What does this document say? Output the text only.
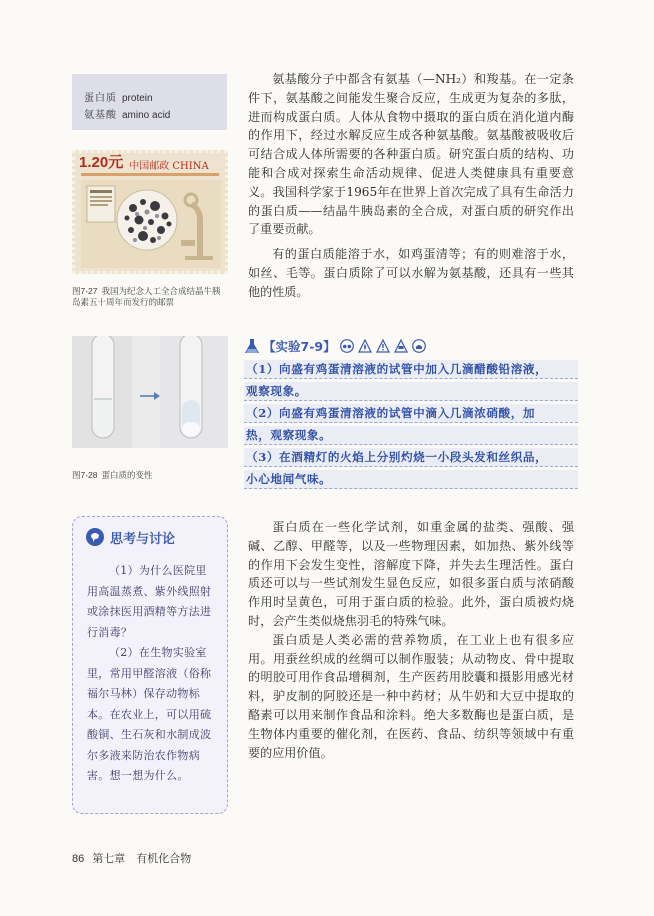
蛋白质 protein
氨基酸 amino acid
1.20元 中国邮政 CHINA
图7-27 我国为纪念人工全合成结晶牛胰岛素五十周年而发行的邮票
图7-28 蛋白质的变性

氨基酸分子中都含有氨基（—NH₂）和羧基。在一定条件下，氨基酸之间能发生聚合反应，生成更为复杂的多肽，进而构成蛋白质。人体从食物中摄取的蛋白质在消化道内酶的作用下，经过水解反应生成各种氨基酸。氨基酸被吸收后可结合成人体所需要的各种蛋白质。研究蛋白质的结构、功能和合成对探索生命活动规律、促进人类健康具有重要意义。我国科学家于1965年在世界上首次完成了具有生命活力的蛋白质——结晶牛胰岛素的全合成，对蛋白质的研究作出了重要贡献。

有的蛋白质能溶于水，如鸡蛋清等；有的则难溶于水，如丝、毛等。蛋白质除了可以水解为氨基酸，还具有一些其他的性质。

【实验7-9】
（1）向盛有鸡蛋清溶液的试管中加入几滴醋酸铅溶液，
观察现象。
（2）向盛有鸡蛋清溶液的试管中滴入几滴浓硝酸，加
热，观察现象。
（3）在酒精灯的火焰上分别灼烧一小段头发和丝织品，
小心地闻气味。
思考与讨论

（1）为什么医院里用高温蒸煮、紫外线照射或涂抹医用酒精等方法进行消毒？

（2）在生物实验室里，常用甲醛溶液（俗称福尔马林）保存动物标本。在农业上，可以用硫酸铜、生石灰和水制成波尔多液来防治农作物病害。想一想为什么。

蛋白质在一些化学试剂，如重金属的盐类、强酸、强碱、乙醇、甲醛等，以及一些物理因素，如加热、紫外线等的作用下会发生变性，溶解度下降，并失去生理活性。蛋白质还可以与一些试剂发生显色反应，如很多蛋白质与浓硝酸作用时呈黄色，可用于蛋白质的检验。此外，蛋白质被灼烧时，会产生类似烧焦羽毛的特殊气味。

蛋白质是人类必需的营养物质，在工业上也有很多应用。用蚕丝织成的丝绸可以制作服装；从动物皮、骨中提取的明胶可用作食品增稠剂，生产医药用胶囊和摄影用感光材料，驴皮制的阿胶还是一种中药材；从牛奶和大豆中提取的酪素可以用来制作食品和涂料。绝大多数酶也是蛋白质，是生物体内重要的催化剂，在医药、食品、纺织等领域中有重要的应用价值。

86 第七章　有机化合物
